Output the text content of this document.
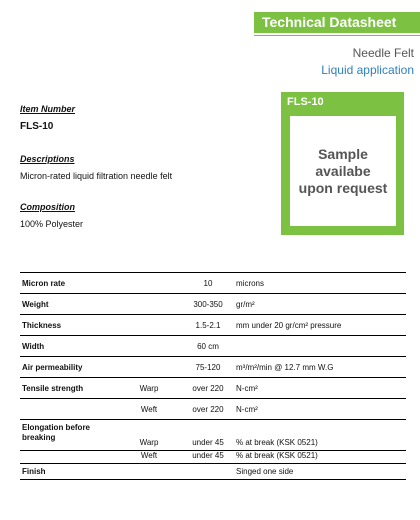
Technical Datasheet
Needle Felt
Liquid application
Item Number
FLS-10
Descriptions
Micron-rated liquid filtration needle felt
Composition
100% Polyester
FLS-10
Sample
availabe
upon request
Micron rate		10	microns
Weight		300-350	gr/m²
Thickness		1.5-2.1	mm under 20 gr/cm² pressure
Width		60 cm	
Air permeability		75-120	m³/m²/min @ 12.7 mm W.G
Tensile strength	Warp	over 220	N-cm²
	Weft	over 220	N-cm²
Elongation before breaking	Warp	under 45	% at break (KSK 0521)
	Weft	under 45	% at break (KSK 0521)
Finish			Singed one side
